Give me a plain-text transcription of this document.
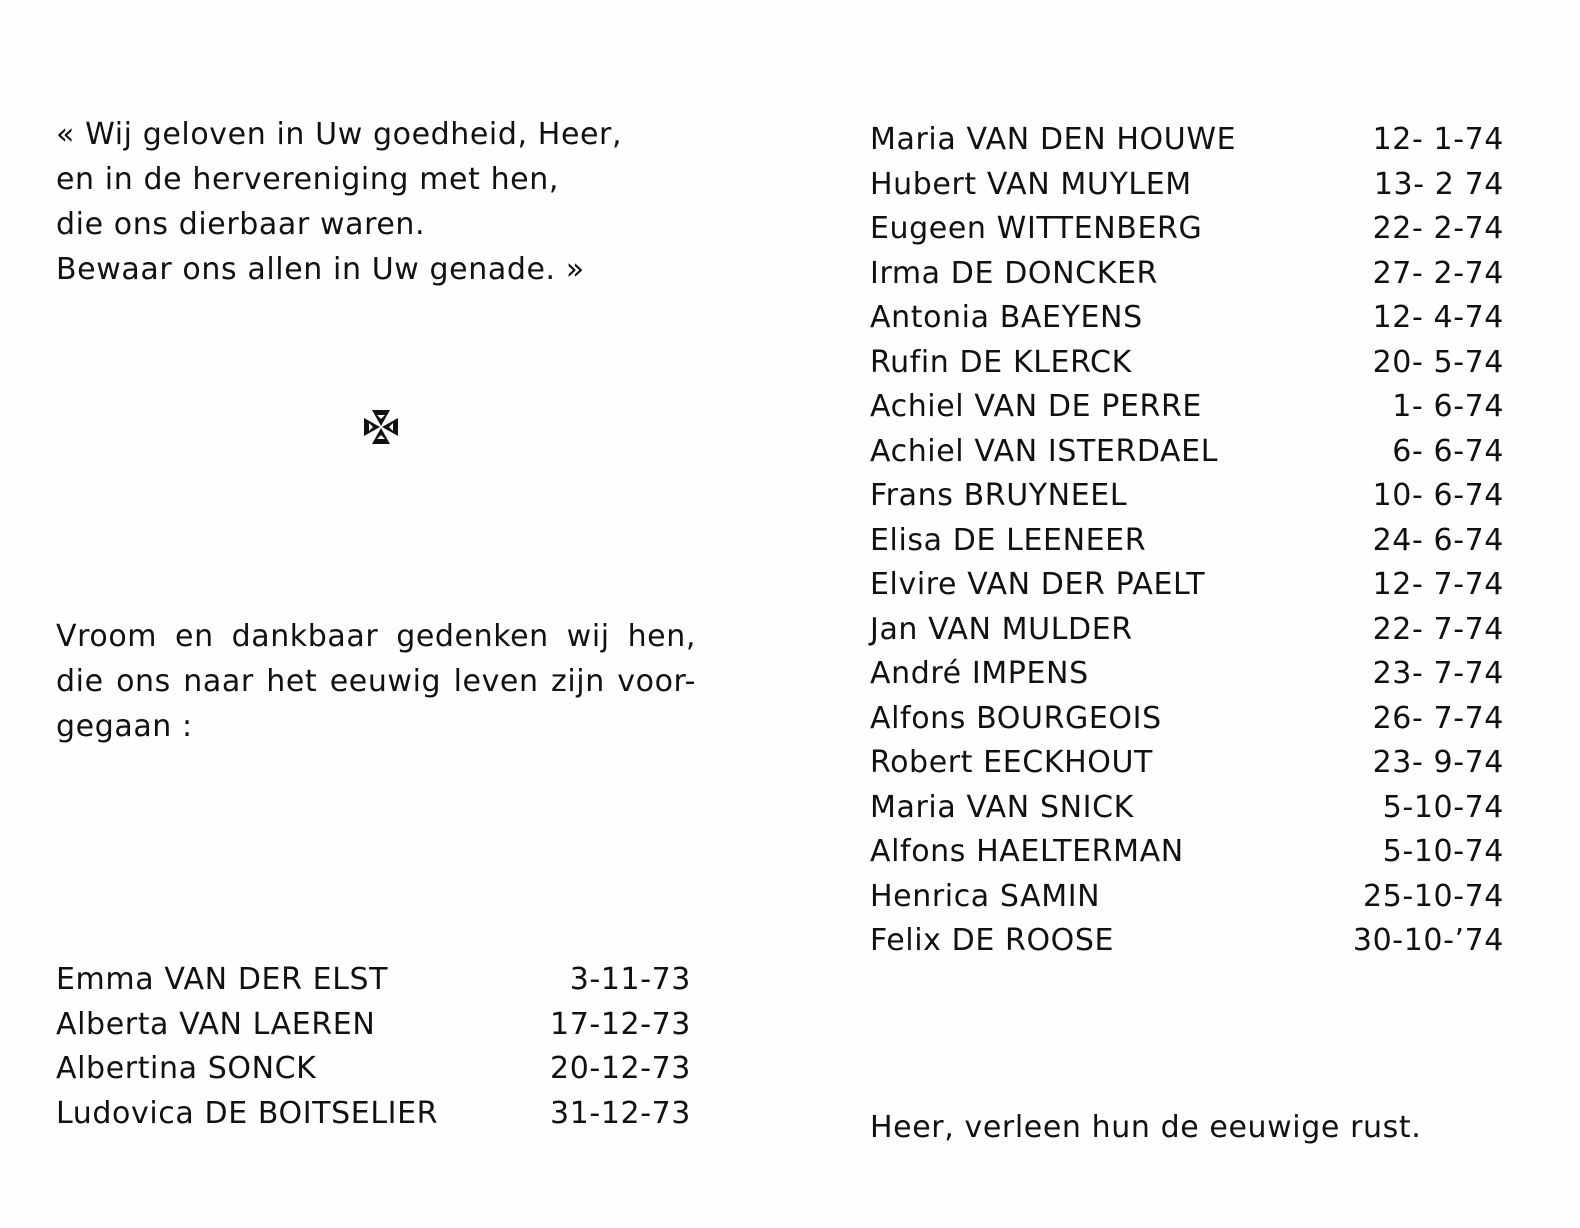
« Wij geloven in Uw goedheid, Heer,
en in de hervereniging met hen,
die ons dierbaar waren.
Bewaar ons allen in Uw genade. »
Vroom en dankbaar gedenken wij hen,
die ons naar het eeuwig leven zijn voor-
gegaan :
Emma VAN DER ELST	3-11-73
Alberta VAN LAEREN	17-12-73
Albertina SONCK	20-12-73
Ludovica DE BOITSELIER	31-12-73
Maria VAN DEN HOUWE	12- 1-74
Hubert VAN MUYLEM	13- 2 74
Eugeen WITTENBERG	22- 2-74
Irma DE DONCKER	27- 2-74
Antonia BAEYENS	12- 4-74
Rufin DE KLERCK	20- 5-74
Achiel VAN DE PERRE	1- 6-74
Achiel VAN ISTERDAEL	6- 6-74
Frans BRUYNEEL	10- 6-74
Elisa DE LEENEER	24- 6-74
Elvire VAN DER PAELT	12- 7-74
Jan VAN MULDER	22- 7-74
André IMPENS	23- 7-74
Alfons BOURGEOIS	26- 7-74
Robert EECKHOUT	23- 9-74
Maria VAN SNICK	5-10-74
Alfons HAELTERMAN	5-10-74
Henrica SAMIN	25-10-74
Felix DE ROOSE	30-10-’74
Heer, verleen hun de eeuwige rust.
